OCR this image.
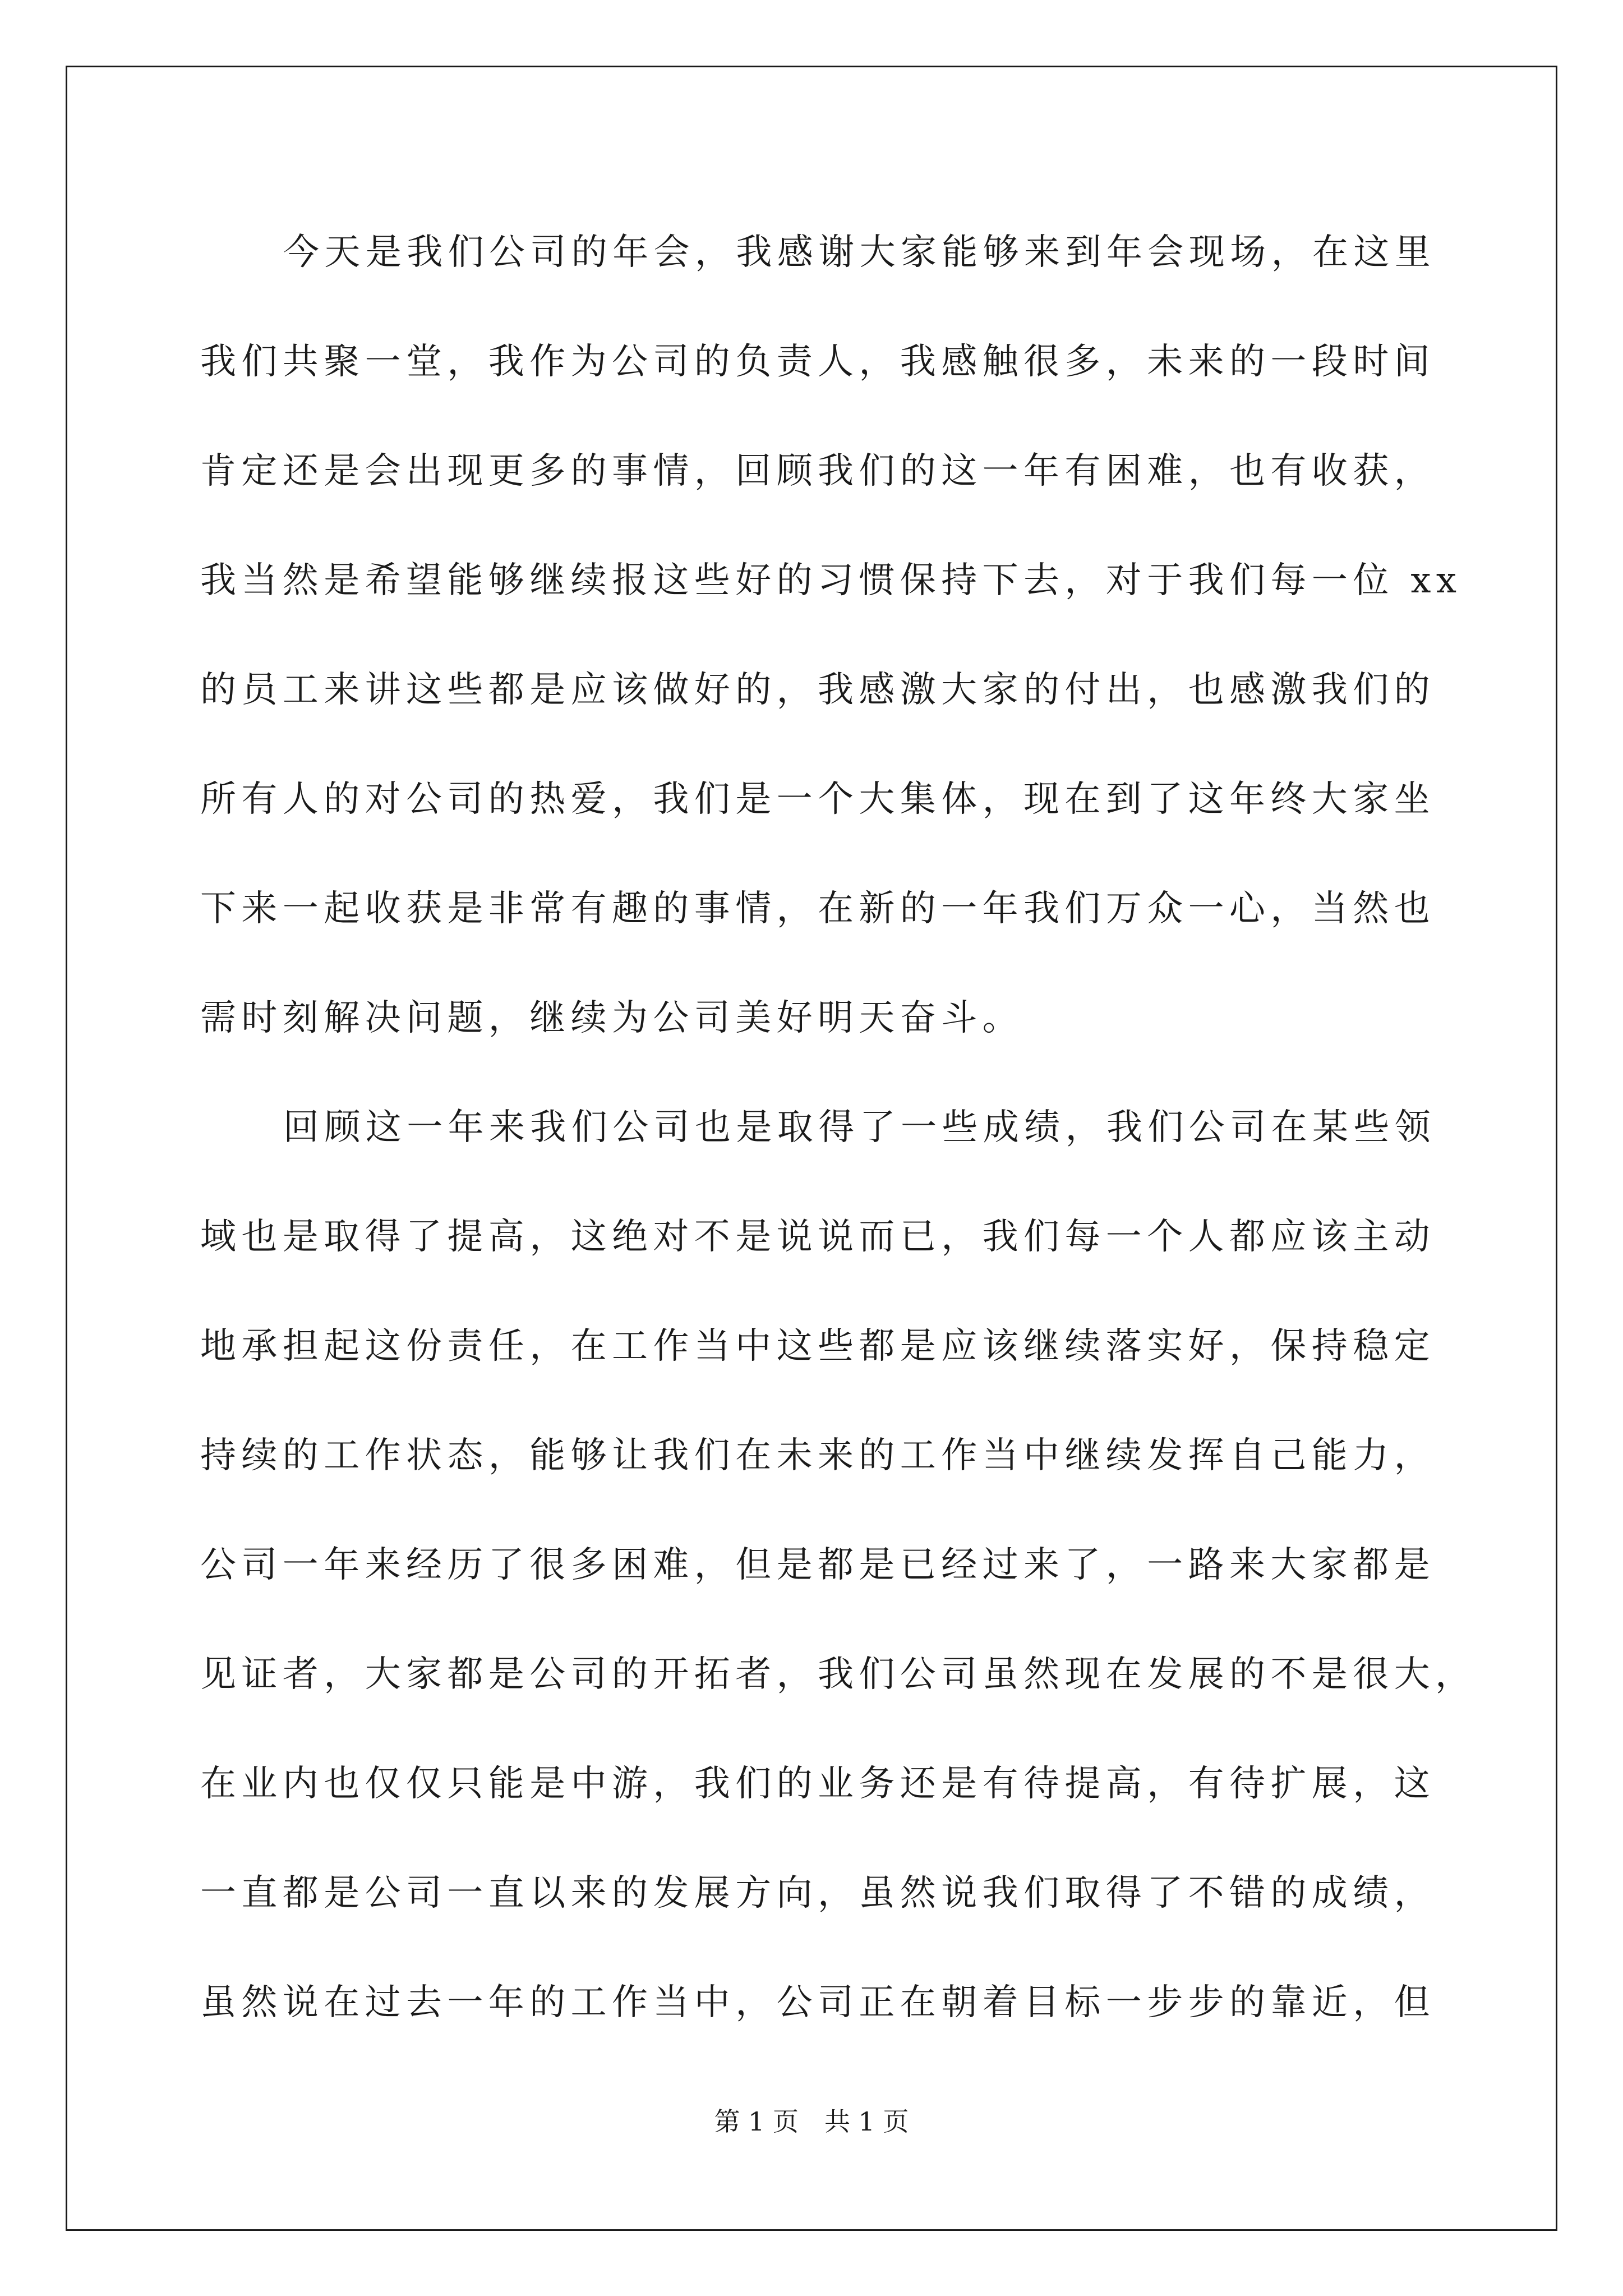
今天是我们公司的年会，我感谢大家能够来到年会现场，在这里
我们共聚一堂，我作为公司的负责人，我感触很多，未来的一段时间
肯定还是会出现更多的事情，回顾我们的这一年有困难，也有收获，
我当然是希望能够继续报这些好的习惯保持下去，对于我们每一位 xx
的员工来讲这些都是应该做好的，我感激大家的付出，也感激我们的
所有人的对公司的热爱，我们是一个大集体，现在到了这年终大家坐
下来一起收获是非常有趣的事情，在新的一年我们万众一心，当然也
需时刻解决问题，继续为公司美好明天奋斗。
回顾这一年来我们公司也是取得了一些成绩，我们公司在某些领
域也是取得了提高，这绝对不是说说而已，我们每一个人都应该主动
地承担起这份责任，在工作当中这些都是应该继续落实好，保持稳定
持续的工作状态，能够让我们在未来的工作当中继续发挥自己能力，
公司一年来经历了很多困难，但是都是已经过来了，一路来大家都是
见证者，大家都是公司的开拓者，我们公司虽然现在发展的不是很大，
在业内也仅仅只能是中游，我们的业务还是有待提高，有待扩展，这
一直都是公司一直以来的发展方向，虽然说我们取得了不错的成绩，
虽然说在过去一年的工作当中，公司正在朝着目标一步步的靠近，但
第 1 页　共 1 页
